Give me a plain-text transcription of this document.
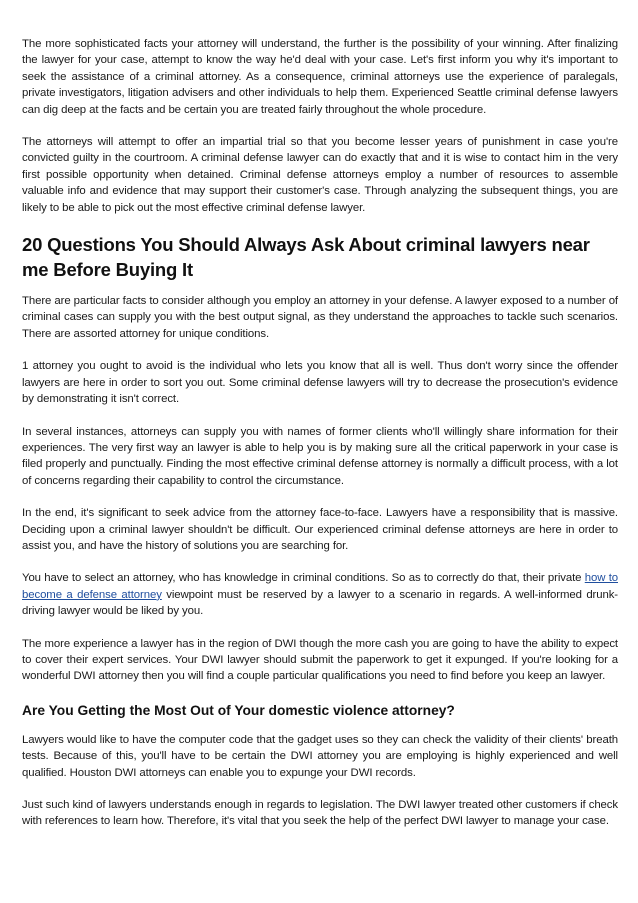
The more sophisticated facts your attorney will understand, the further is the possibility of your winning. After finalizing the lawyer for your case, attempt to know the way he'd deal with your case. Let's first inform you why it's important to seek the assistance of a criminal attorney. As a consequence, criminal attorneys use the experience of paralegals, private investigators, litigation advisers and other individuals to help them. Experienced Seattle criminal defense lawyers can dig deep at the facts and be certain you are treated fairly throughout the whole procedure.

The attorneys will attempt to offer an impartial trial so that you become lesser years of punishment in case you're convicted guilty in the courtroom. A criminal defense lawyer can do exactly that and it is wise to contact him in the very first possible opportunity when detained. Criminal defense attorneys employ a number of resources to assemble valuable info and evidence that may support their customer's case. Through analyzing the subsequent things, you are likely to be able to pick out the most effective criminal defense lawyer.

20 Questions You Should Always Ask About criminal lawyers near me Before Buying It

There are particular facts to consider although you employ an attorney in your defense. A lawyer exposed to a number of criminal cases can supply you with the best output signal, as they understand the approaches to tackle such scenarios. There are assorted attorney for unique conditions.

1 attorney you ought to avoid is the individual who lets you know that all is well. Thus don't worry since the offender lawyers are here in order to sort you out. Some criminal defense lawyers will try to decrease the prosecution's evidence by demonstrating it isn't correct.

In several instances, attorneys can supply you with names of former clients who'll willingly share information for their experiences. The very first way an lawyer is able to help you is by making sure all the critical paperwork in your case is filed properly and punctually. Finding the most effective criminal defense attorney is normally a difficult process, with a lot of concerns regarding their capability to control the circumstance.

In the end, it's significant to seek advice from the attorney face-to-face. Lawyers have a responsibility that is massive. Deciding upon a criminal lawyer shouldn't be difficult. Our experienced criminal defense attorneys are here in order to assist you, and have the history of solutions you are searching for.

You have to select an attorney, who has knowledge in criminal conditions. So as to correctly do that, their private how to become a defense attorney viewpoint must be reserved by a lawyer to a scenario in regards. A well-informed drunk-driving lawyer would be liked by you.

The more experience a lawyer has in the region of DWI though the more cash you are going to have the ability to expect to cover their expert services. Your DWI lawyer should submit the paperwork to get it expunged. If you're looking for a wonderful DWI attorney then you will find a couple particular qualifications you need to find before you keep an lawyer.

Are You Getting the Most Out of Your domestic violence attorney?

Lawyers would like to have the computer code that the gadget uses so they can check the validity of their clients' breath tests. Because of this, you'll have to be certain the DWI attorney you are employing is highly experienced and well qualified. Houston DWI attorneys can enable you to expunge your DWI records.

Just such kind of lawyers understands enough in regards to legislation. The DWI lawyer treated other customers if check with references to learn how. Therefore, it's vital that you seek the help of the perfect DWI lawyer to manage your case.
